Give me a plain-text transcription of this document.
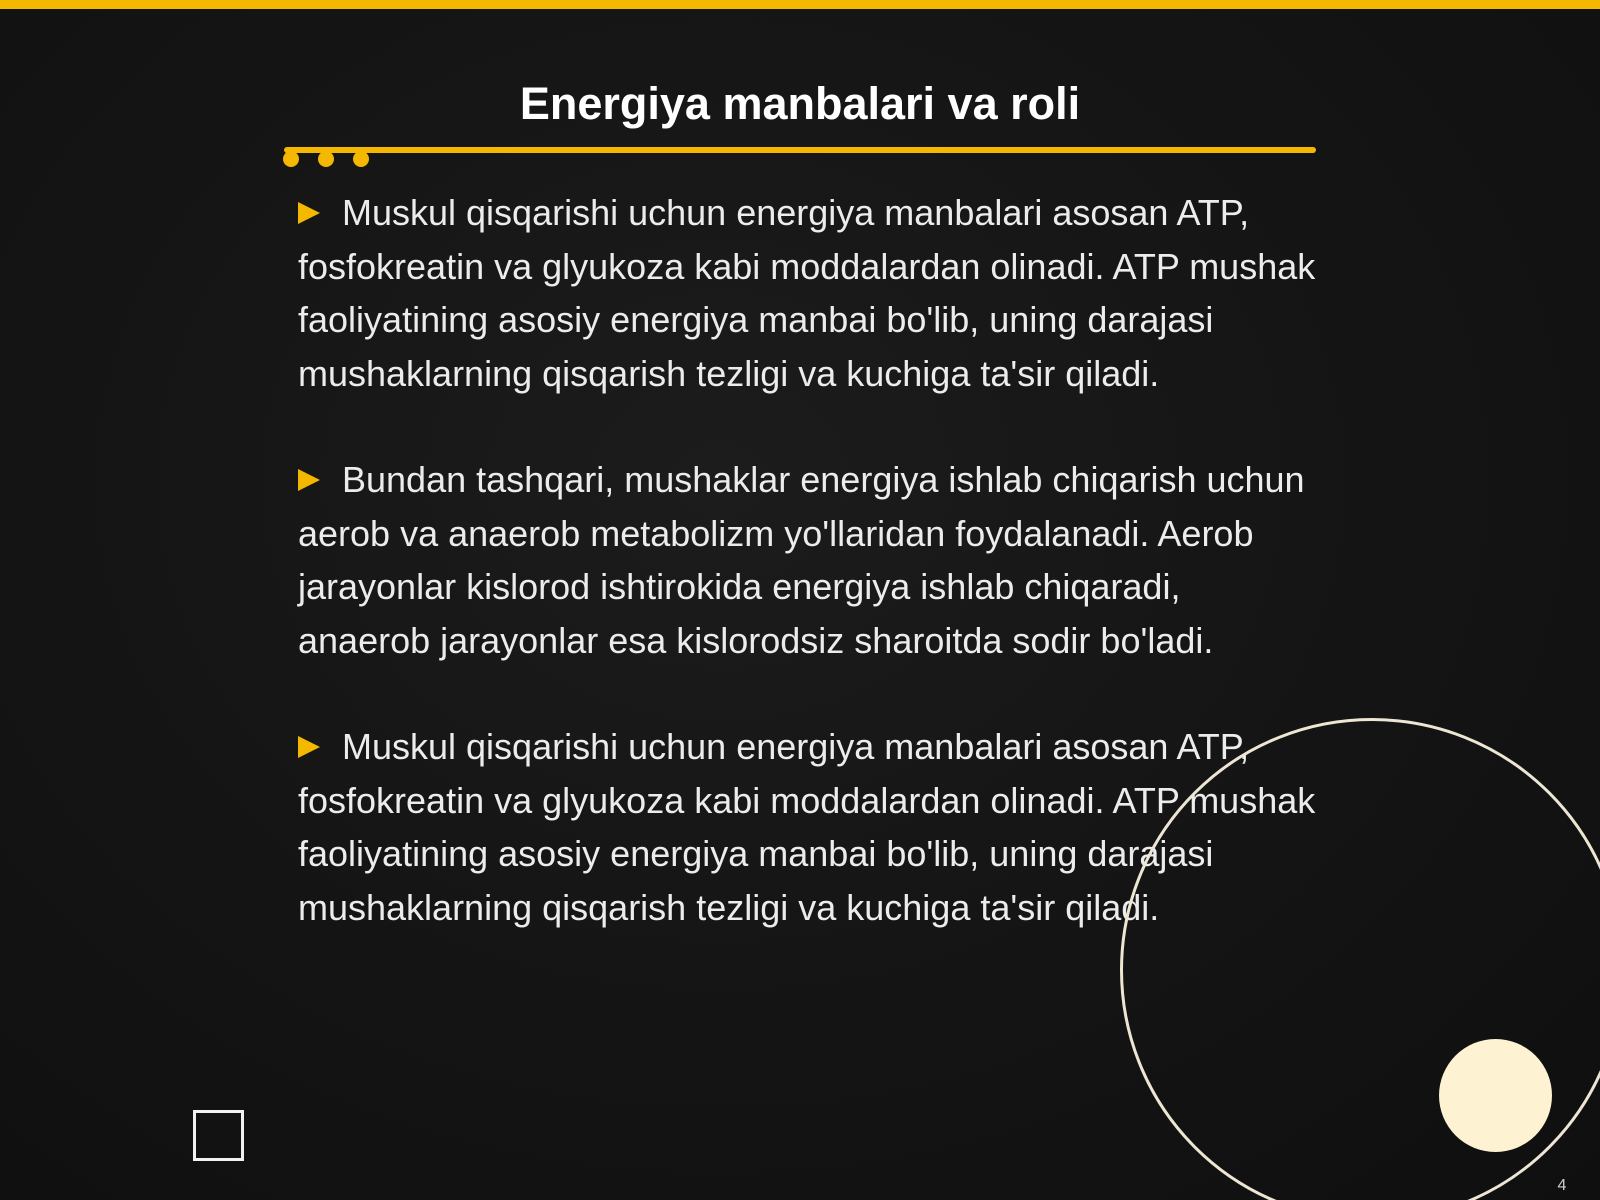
Energiya manbalari va roli

Muskul qisqarishi uchun energiya manbalari asosan ATP, fosfokreatin va glyukoza kabi moddalardan olinadi. ATP mushak faoliyatining asosiy energiya manbai bo'lib, uning darajasi mushaklarning qisqarish tezligi va kuchiga ta'sir qiladi.

Bundan tashqari, mushaklar energiya ishlab chiqarish uchun aerob va anaerob metabolizm yo'llaridan foydalanadi. Aerob jarayonlar kislorod ishtirokida energiya ishlab chiqaradi, anaerob jarayonlar esa kislorodsiz sharoitda sodir bo'ladi.

Muskul qisqarishi uchun energiya manbalari asosan ATP, fosfokreatin va glyukoza kabi moddalardan olinadi. ATP mushak faoliyatining asosiy energiya manbai bo'lib, uning darajasi mushaklarning qisqarish tezligi va kuchiga ta'sir qiladi.

4
